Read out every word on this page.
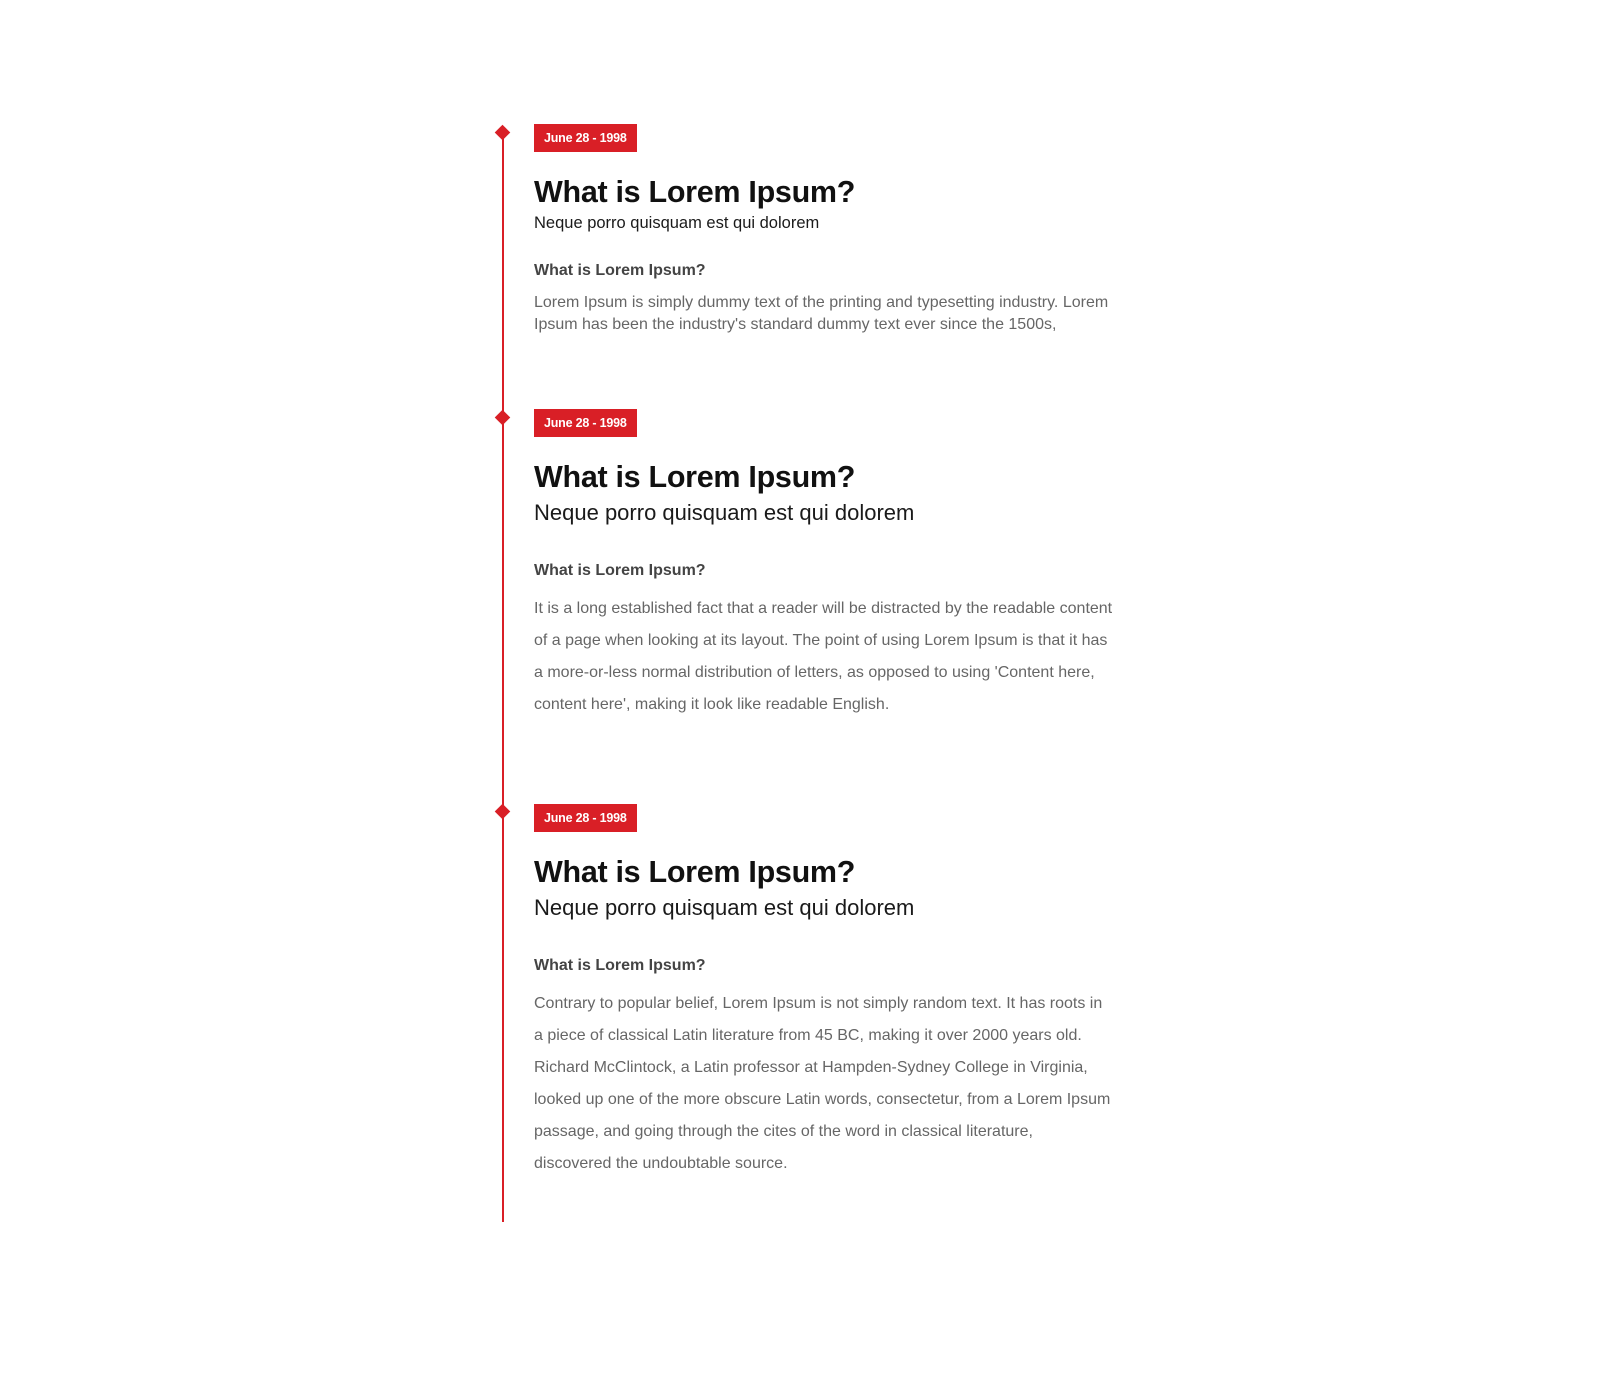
June 28 - 1998
What is Lorem Ipsum?

Neque porro quisquam est qui dolorem

What is Lorem Ipsum?

Lorem Ipsum is simply dummy text of the printing and typesetting industry. Lorem Ipsum has been the industry's standard dummy text ever since the 1500s,

June 28 - 1998
What is Lorem Ipsum?

Neque porro quisquam est qui dolorem

What is Lorem Ipsum?

It is a long established fact that a reader will be distracted by the readable content of a page when looking at its layout. The point of using Lorem Ipsum is that it has a more-or-less normal distribution of letters, as opposed to using 'Content here, content here', making it look like readable English.

June 28 - 1998
What is Lorem Ipsum?

Neque porro quisquam est qui dolorem

What is Lorem Ipsum?

Contrary to popular belief, Lorem Ipsum is not simply random text. It has roots in a piece of classical Latin literature from 45 BC, making it over 2000 years old. Richard McClintock, a Latin professor at Hampden-Sydney College in Virginia, looked up one of the more obscure Latin words, consectetur, from a Lorem Ipsum passage, and going through the cites of the word in classical literature, discovered the undoubtable source.
